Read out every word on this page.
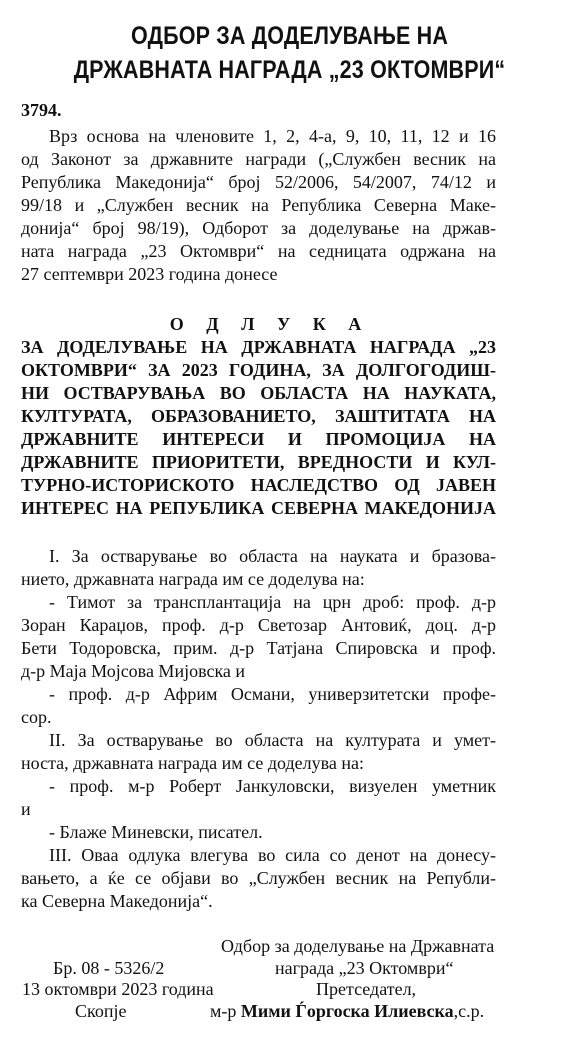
ОДБОР ЗА ДОДЕЛУВАЊЕ НА
ДРЖАВНАТА НАГРАДА „23 ОКТОМВРИ“
3794.
Врз основа на членовите 1, 2, 4-а, 9, 10, 11, 12 и 16
од Законот за државните награди („Службен весник на
Република Македонија“ број 52/2006, 54/2007, 74/12 и
99/18 и „Службен весник на Република Северна Маке-
донија“ број 98/19), Одборот за доделување на држав-
ната награда „23 Октомври“ на седницата одржана на
27 септември 2023 година донесе
О Д Л У К А
ЗА ДОДЕЛУВАЊЕ НА ДРЖАВНАТА НАГРАДА „23
ОКТОМВРИ“ ЗА 2023 ГОДИНА, ЗА ДОЛГОГОДИШ-
НИ ОСТВАРУВАЊА ВО ОБЛАСТА НА НАУКАТА,
КУЛТУРАТА, ОБРАЗОВАНИЕТО, ЗАШТИТАТА НА
ДРЖАВНИТЕ ИНТЕРЕСИ И ПРОМОЦИЈА НА
ДРЖАВНИТЕ ПРИОРИТЕТИ, ВРЕДНОСТИ И КУЛ-
ТУРНО-ИСТОРИСКОТО НАСЛЕДСТВО ОД ЈАВЕН
ИНТЕРЕС НА РЕПУБЛИКА СЕВЕРНА МАКЕДОНИЈА
I. За остварување во областа на науката и бразова-
нието, државната награда им се доделува на:
- Тимот за трансплантација на црн дроб: проф. д-р
Зоран Караџов, проф. д-р Светозар Антовиќ, доц. д-р
Бети Тодоровска, прим. д-р Татјана Спировска и проф.
д-р Маја Мојсова Мијовска и
- проф. д-р Африм Османи, универзитетски профе-
сор.
II. За остварување во областа на културата и умет-
носта, државната награда им се доделува на:
- проф. м-р Роберт Јанкуловски, визуелен уметник
и
- Блаже Миневски, писател.
III. Оваа одлука влегува во сила со денот на донесу-
вањето, а ќе се објави во „Службен весник на Републи-
ка Северна Македонија“.
Одбор за доделување на Државната
награда „23 Октомври“
Бр. 08 - 5326/2
13 октомври 2023 година	Претседател,
Скопје	м-р Мими Ѓоргоска Илиевска,с.р.
